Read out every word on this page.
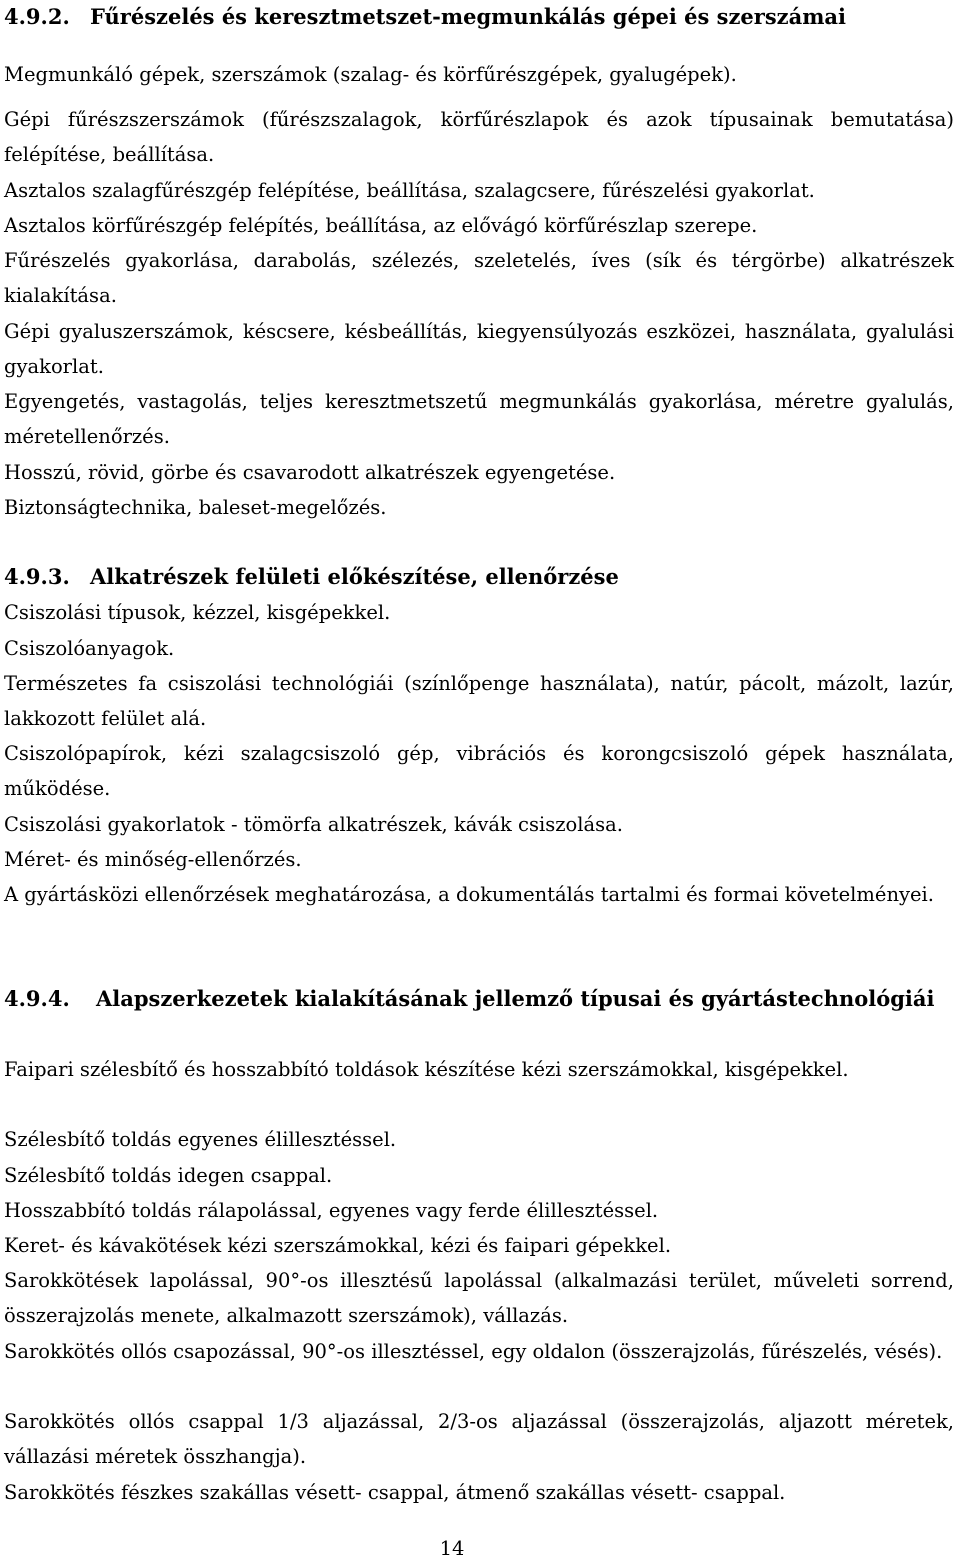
4.9.2. Fűrészelés és keresztmetszet-megmunkálás gépei és szerszámai
Megmunkáló gépek, szerszámok (szalag- és körfűrészgépek, gyalugépek).
Gépi fűrészszerszámok (fűrészszalagok, körfűrészlapok és azok típusainak bemutatása) felépítése, beállítása.
Asztalos szalagfűrészgép felépítése, beállítása, szalagcsere, fűrészelési gyakorlat.
Asztalos körfűrészgép felépítés, beállítása, az elővágó körfűrészlap szerepe.
Fűrészelés gyakorlása, darabolás, szélezés, szeletelés, íves (sík és térgörbe) alkatrészek kialakítása.
Gépi gyaluszerszámok, késcsere, késbeállítás, kiegyensúlyozás eszközei, használata, gyalulási gyakorlat.
Egyengetés, vastagolás, teljes keresztmetszetű megmunkálás gyakorlása, méretre gyalulás, méretellenőrzés.
Hosszú, rövid, görbe és csavarodott alkatrészek egyengetése.
Biztonságtechnika, baleset-megelőzés.
4.9.3. Alkatrészek felületi előkészítése, ellenőrzése
Csiszolási típusok, kézzel, kisgépekkel.
Csiszolóanyagok.
Természetes fa csiszolási technológiái (színlőpenge használata), natúr, pácolt, mázolt, lazúr, lakkozott felület alá.
Csiszolópapírok, kézi szalagcsiszoló gép, vibrációs és korongcsiszoló gépek használata, működése.
Csiszolási gyakorlatok - tömörfa alkatrészek, kávák csiszolása.
Méret- és minőség-ellenőrzés.
A gyártásközi ellenőrzések meghatározása, a dokumentálás tartalmi és formai követelményei.
4.9.4. Alapszerkezetek kialakításának jellemző típusai és gyártástechnológiái
Faipari szélesbítő és hosszabbító toldások készítése kézi szerszámokkal, kisgépekkel.
Szélesbítő toldás egyenes élillesztéssel.
Szélesbítő toldás idegen csappal.
Hosszabbító toldás rálapolással, egyenes vagy ferde élillesztéssel.
Keret- és kávakötések kézi szerszámokkal, kézi és faipari gépekkel.
Sarokkötések lapolással, 90°-os illesztésű lapolással (alkalmazási terület, műveleti sorrend, összerajzolás menete, alkalmazott szerszámok), vállazás.
Sarokkötés ollós csapozással, 90°-os illesztéssel, egy oldalon (összerajzolás, fűrészelés, vésés).
Sarokkötés ollós csappal 1/3 aljazással, 2/3-os aljazással (összerajzolás, aljazott méretek, vállazási méretek összhangja).
Sarokkötés fészkes szakállas vésett- csappal, átmenő szakállas vésett- csappal.
14
